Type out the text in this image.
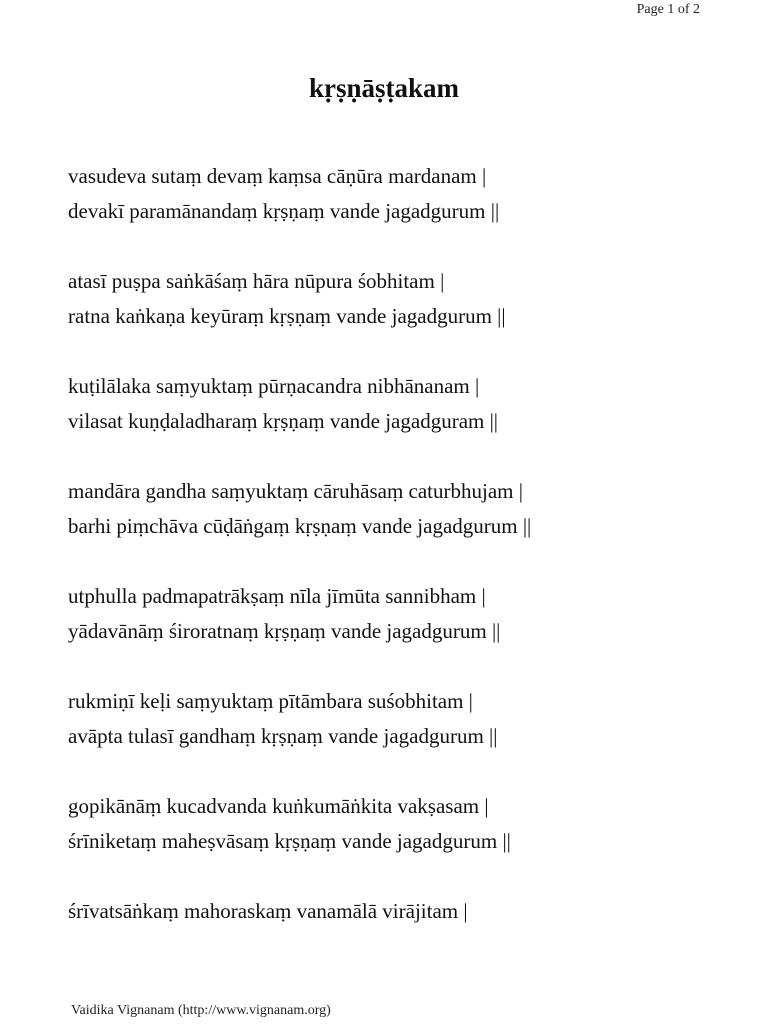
Page 1 of 2
kṛṣṇāṣṭakam
vasudeva sutaṃ devaṃ kaṃsa cāṇūra mardanam |
devakī paramānandaṃ kṛṣṇaṃ vande jagadgurum ||
atasī puṣpa saṅkāśaṃ hāra nūpura śobhitam |
ratna kaṅkaṇa keyūraṃ kṛṣṇaṃ vande jagadgurum ||
kuṭilālaka saṃyuktaṃ pūrṇacandra nibhānanam |
vilasat kuṇḍaladharaṃ kṛṣṇaṃ vande jagadguram ||
mandāra gandha saṃyuktaṃ cāruhāsaṃ caturbhujam |
barhi piṃchāva cūḍāṅgaṃ kṛṣṇaṃ vande jagadgurum ||
utphulla padmapatrākṣaṃ nīla jīmūta sannibham |
yādavānāṃ śiroratnaṃ kṛṣṇaṃ vande jagadgurum ||
rukmiṇī keḷi saṃyuktaṃ pītāmbara suśobhitam |
avāpta tulasī gandhaṃ kṛṣṇaṃ vande jagadgurum ||
gopikānāṃ kucadvanda kuṅkumāṅkita vakṣasam |
śrīniketaṃ maheṣvāsaṃ kṛṣṇaṃ vande jagadgurum ||
śrīvatsāṅkaṃ mahoraskaṃ vanamālā virājitam |
Vaidika Vignanam (http://www.vignanam.org)
